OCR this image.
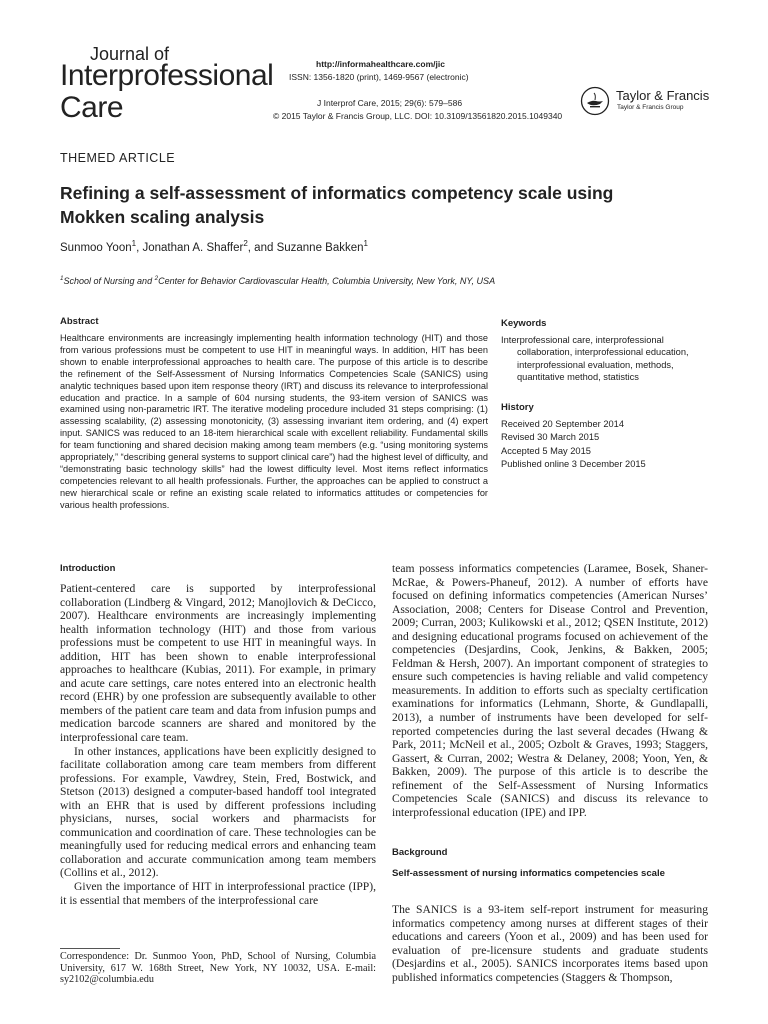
Journal of
Interprofessional
Care
http://informahealthcare.com/jic
ISSN: 1356-1820 (print), 1469-9567 (electronic)
J Interprof Care, 2015; 29(6): 579–586
© 2015 Taylor & Francis Group, LLC. DOI: 10.3109/13561820.2015.1049340
Taylor & Francis
Taylor & Francis Group
THEMED ARTICLE
Refining a self-assessment of informatics competency scale using Mokken scaling analysis
Sunmoo Yoon$^1$, Jonathan A. Shaffer$^2$, and Suzanne Bakken$^1$
$^1$School of Nursing and $^2$Center for Behavior Cardiovascular Health, Columbia University, New York, NY, USA
Abstract
Healthcare environments are increasingly implementing health information technology (HIT) and those from various professions must be competent to use HIT in meaningful ways. In addition, HIT has been shown to enable interprofessional approaches to health care. The purpose of this article is to describe the refinement of the Self-Assessment of Nursing Informatics Competencies Scale (SANICS) using analytic techniques based upon item response theory (IRT) and discuss its relevance to interprofessional education and practice. In a sample of 604 nursing students, the 93-item version of SANICS was examined using non-parametric IRT. The iterative modeling procedure included 31 steps comprising: (1) assessing scalability, (2) assessing monotonicity, (3) assessing invariant item ordering, and (4) expert input. SANICS was reduced to an 18-item hierarchical scale with excellent reliability. Fundamental skills for team functioning and shared decision making among team members (e.g. “using monitoring systems appropriately,” “describing general systems to support clinical care”) had the highest level of difficulty, and “demonstrating basic technology skills” had the lowest difficulty level. Most items reflect informatics competencies relevant to all health professionals. Further, the approaches can be applied to construct a new hierarchical scale or refine an existing scale related to informatics attitudes or competencies for various health professions.
Keywords
Interprofessional care, interprofessional collaboration, interprofessional education, interprofessional evaluation, methods, quantitative method, statistics
History
Received 20 September 2014
Revised 30 March 2015
Accepted 5 May 2015
Published online 3 December 2015
Introduction

Patient-centered care is supported by interprofessional collaboration (Lindberg & Vingard, 2012; Manojlovich & DeCicco, 2007). Healthcare environments are increasingly implementing health information technology (HIT) and those from various professions must be competent to use HIT in meaningful ways. In addition, HIT has been shown to enable interprofessional approaches to healthcare (Kubias, 2011). For example, in primary and acute care settings, care notes entered into an electronic health record (EHR) by one profession are subsequently available to other members of the patient care team and data from infusion pumps and medication barcode scanners are shared and monitored by the interprofessional care team.

In other instances, applications have been explicitly designed to facilitate collaboration among care team members from different professions. For example, Vawdrey, Stein, Fred, Bostwick, and Stetson (2013) designed a computer-based handoff tool integrated with an EHR that is used by different professions including physicians, nurses, social workers and pharmacists for communication and coordination of care. These technologies can be meaningfully used for reducing medical errors and enhancing team collaboration and accurate communication among team members (Collins et al., 2012).

Given the importance of HIT in interprofessional practice (IPP), it is essential that members of the interprofessional care

Correspondence: Dr. Sunmoo Yoon, PhD, School of Nursing, Columbia University, 617 W. 168th Street, New York, NY 10032, USA. E-mail: sy2102@columbia.edu

team possess informatics competencies (Laramee, Bosek, Shaner-McRae, & Powers-Phaneuf, 2012). A number of efforts have focused on defining informatics competencies (American Nurses’ Association, 2008; Centers for Disease Control and Prevention, 2009; Curran, 2003; Kulikowski et al., 2012; QSEN Institute, 2012) and designing educational programs focused on achievement of the competencies (Desjardins, Cook, Jenkins, & Bakken, 2005; Feldman & Hersh, 2007). An important component of strategies to ensure such competencies is having reliable and valid competency measurements. In addition to efforts such as specialty certification examinations for informatics (Lehmann, Shorte, & Gundlapalli, 2013), a number of instruments have been developed for self-reported competencies during the last several decades (Hwang & Park, 2011; McNeil et al., 2005; Ozbolt & Graves, 1993; Staggers, Gassert, & Curran, 2002; Westra & Delaney, 2008; Yoon, Yen, & Bakken, 2009). The purpose of this article is to describe the refinement of the Self-Assessment of Nursing Informatics Competencies Scale (SANICS) and discuss its relevance to interprofessional education (IPE) and IPP.

Background
Self-assessment of nursing informatics competencies scale

The SANICS is a 93-item self-report instrument for measuring informatics competency among nurses at different stages of their educations and careers (Yoon et al., 2009) and has been used for evaluation of pre-licensure students and graduate students (Desjardins et al., 2005). SANICS incorporates items based upon published informatics competencies (Staggers & Thompson,
